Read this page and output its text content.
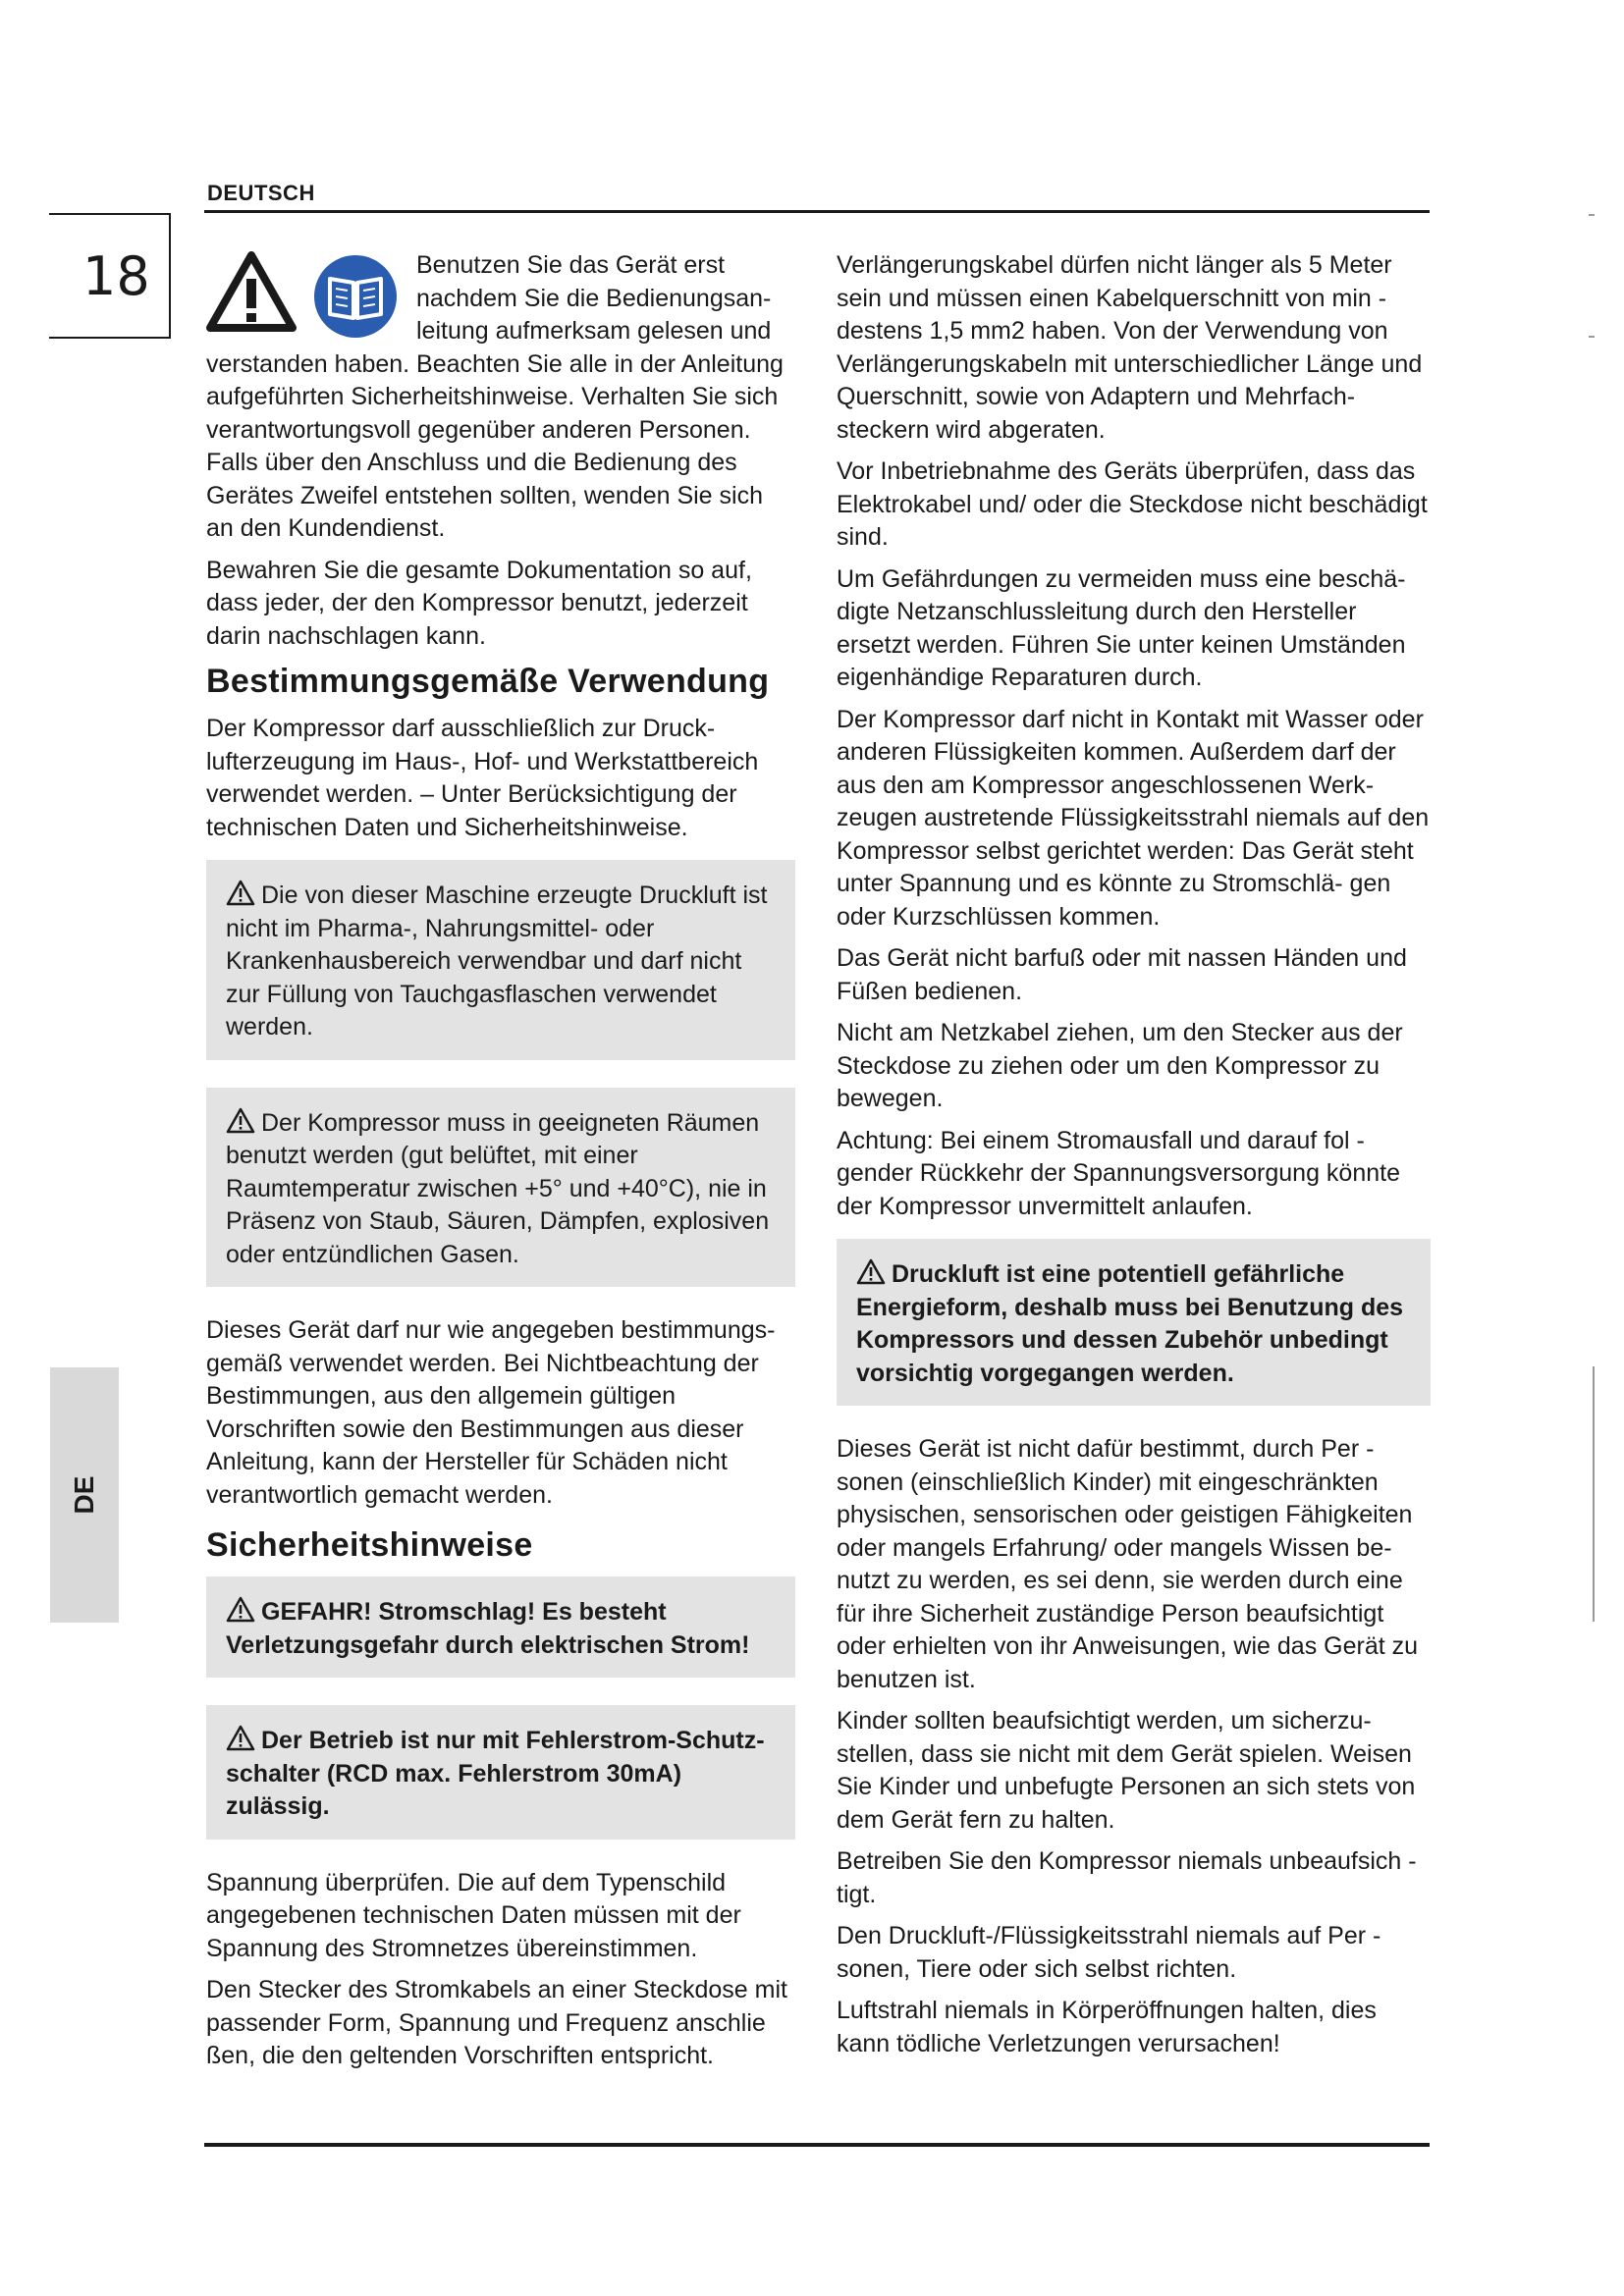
DEUTSCH
18
DE

Benutzen Sie das Gerät erst nachdem Sie die Bedienungsan- leitung aufmerksam gelesen und verstanden haben. Beachten Sie alle in der Anleitung aufgeführten Sicherheitshinweise. Verhalten Sie sich verantwortungsvoll gegenüber anderen Personen. Falls über den Anschluss und die Bedienung des Gerätes Zweifel entstehen sollten, wenden Sie sich an den Kundendienst.

Bewahren Sie die gesamte Dokumentation so auf, dass jeder, der den Kompressor benutzt, jederzeit darin nachschlagen kann.

Bestimmungsgemäße Verwendung

Der Kompressor darf ausschließlich zur Druck- lufterzeugung im Haus-, Hof- und Werkstattbereich verwendet werden. – Unter Berücksichtigung der technischen Daten und Sicherheitshinweise.

Die von dieser Maschine erzeugte Druckluft ist nicht im Pharma-, Nahrungsmittel- oder Krankenhausbereich verwendbar und darf nicht zur Füllung von Tauchgasflaschen verwendet werden.

Der Kompressor muss in geeigneten Räumen benutzt werden (gut belüftet, mit einer Raumtemperatur zwischen +5° und +40°C), nie in Präsenz von Staub, Säuren, Dämpfen, explosiven oder entzündlichen Gasen.

Dieses Gerät darf nur wie angegeben bestimmungs- gemäß verwendet werden. Bei Nichtbeachtung der Bestimmungen, aus den allgemein gültigen Vorschriften sowie den Bestimmungen aus dieser Anleitung, kann der Hersteller für Schäden nicht verantwortlich gemacht werden.

Sicherheitshinweise

GEFAHR! Stromschlag! Es besteht Verletzungsgefahr durch elektrischen Strom!

Der Betrieb ist nur mit Fehlerstrom-Schutz- schalter (RCD max. Fehlerstrom 30mA) zulässig.

Spannung überprüfen. Die auf dem Typenschild angegebenen technischen Daten müssen mit der Spannung des Stromnetzes übereinstimmen.

Den Stecker des Stromkabels an einer Steckdose mit passender Form, Spannung und Frequenz anschlie ßen, die den geltenden Vorschriften entspricht.

Verlängerungskabel dürfen nicht länger als 5 Meter sein und müssen einen Kabelquerschnitt von min - destens 1,5 mm2 haben. Von der Verwendung von Verlängerungskabeln mit unterschiedlicher Länge und Querschnitt, sowie von Adaptern und Mehrfach- steckern wird abgeraten.

Vor Inbetriebnahme des Geräts überprüfen, dass das Elektrokabel und/ oder die Steckdose nicht beschädigt sind.

Um Gefährdungen zu vermeiden muss eine beschä- digte Netzanschlussleitung durch den Hersteller ersetzt werden. Führen Sie unter keinen Umständen eigenhändige Reparaturen durch.

Der Kompressor darf nicht in Kontakt mit Wasser oder anderen Flüssigkeiten kommen. Außerdem darf der aus den am Kompressor angeschlossenen Werk- zeugen austretende Flüssigkeitsstrahl niemals auf den Kompressor selbst gerichtet werden: Das Gerät steht unter Spannung und es könnte zu Stromschlä- gen oder Kurzschlüssen kommen.

Das Gerät nicht barfuß oder mit nassen Händen und Füßen bedienen.

Nicht am Netzkabel ziehen, um den Stecker aus der Steckdose zu ziehen oder um den Kompressor zu bewegen.

Achtung: Bei einem Stromausfall und darauf fol - gender Rückkehr der Spannungsversorgung könnte der Kompressor unvermittelt anlaufen.

Druckluft ist eine potentiell gefährliche Energieform, deshalb muss bei Benutzung des Kompressors und dessen Zubehör unbedingt vorsichtig vorgegangen werden.

Dieses Gerät ist nicht dafür bestimmt, durch Per - sonen (einschließlich Kinder) mit eingeschränkten physischen, sensorischen oder geistigen Fähigkeiten oder mangels Erfahrung/ oder mangels Wissen be- nutzt zu werden, es sei denn, sie werden durch eine für ihre Sicherheit zuständige Person beaufsichtigt oder erhielten von ihr Anweisungen, wie das Gerät zu benutzen ist.

Kinder sollten beaufsichtigt werden, um sicherzu- stellen, dass sie nicht mit dem Gerät spielen. Weisen Sie Kinder und unbefugte Personen an sich stets von dem Gerät fern zu halten.

Betreiben Sie den Kompressor niemals unbeaufsich - tigt.

Den Druckluft-/Flüssigkeitsstrahl niemals auf Per - sonen, Tiere oder sich selbst richten.

Luftstrahl niemals in Körperöffnungen halten, dies kann tödliche Verletzungen verursachen!
